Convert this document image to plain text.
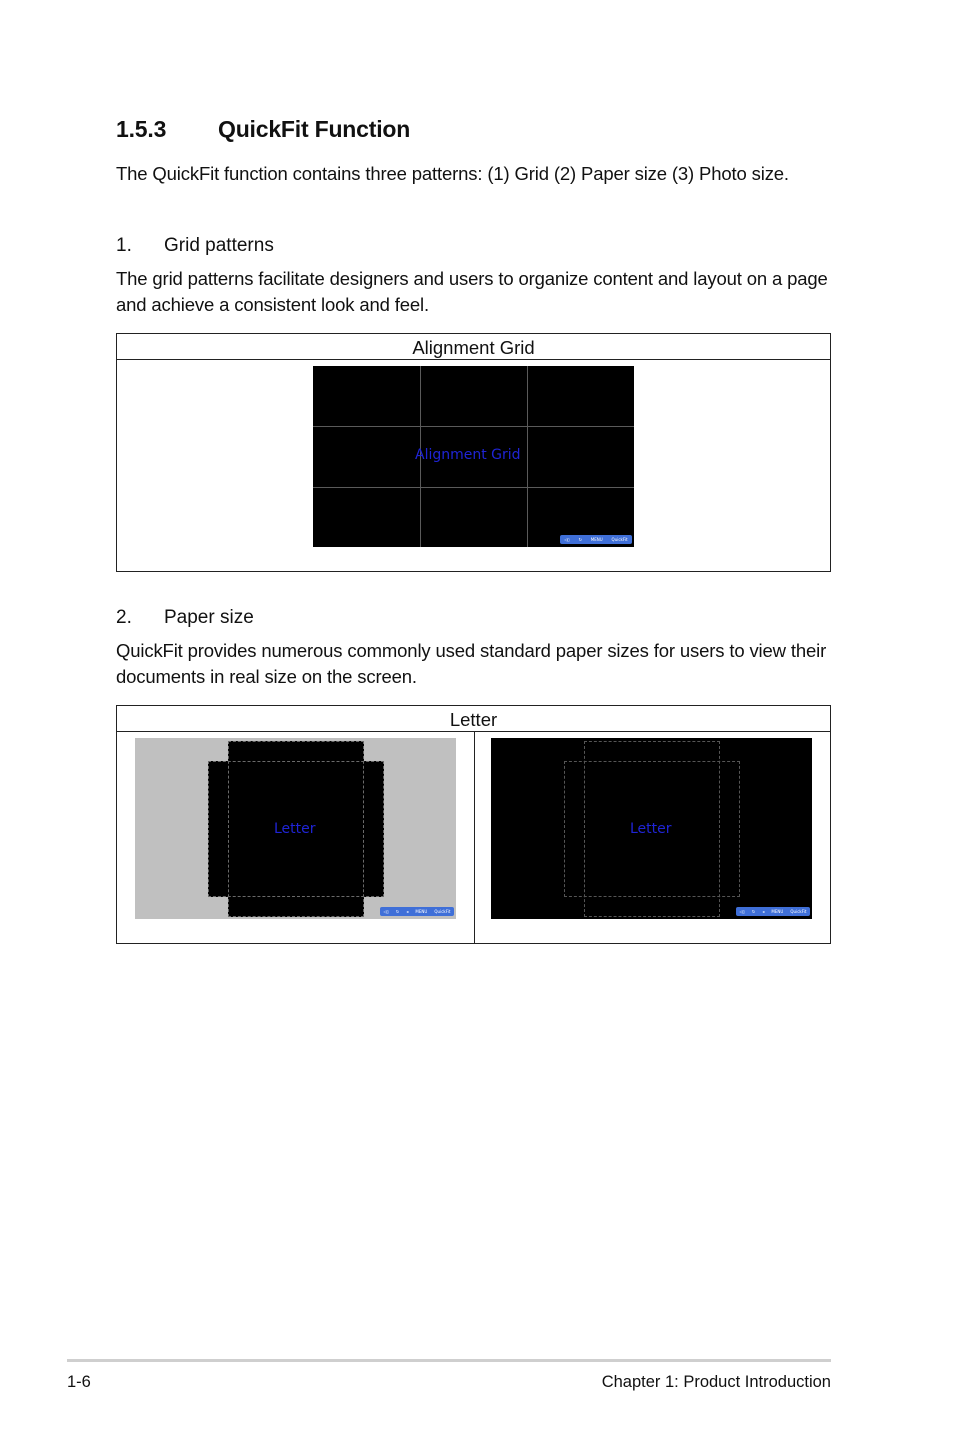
1.5.3 QuickFit Function
The QuickFit function contains three patterns: (1) Grid (2) Paper size (3) Photo size.
1. Grid patterns
The grid patterns facilitate designers and users to organize content and layout on a page and achieve a consistent look and feel.
Alignment Grid
Alignment Grid
◁▯ ↻ MENU QuickFit
2. Paper size
QuickFit provides numerous commonly used standard paper sizes for users to view their documents in real size on the screen.
Letter
Letter
◁▯ ↻ ◂ MENU QuickFit
Letter
◁▯ ↻ ◂ MENU QuickFit
1-6	Chapter 1: Product Introduction
